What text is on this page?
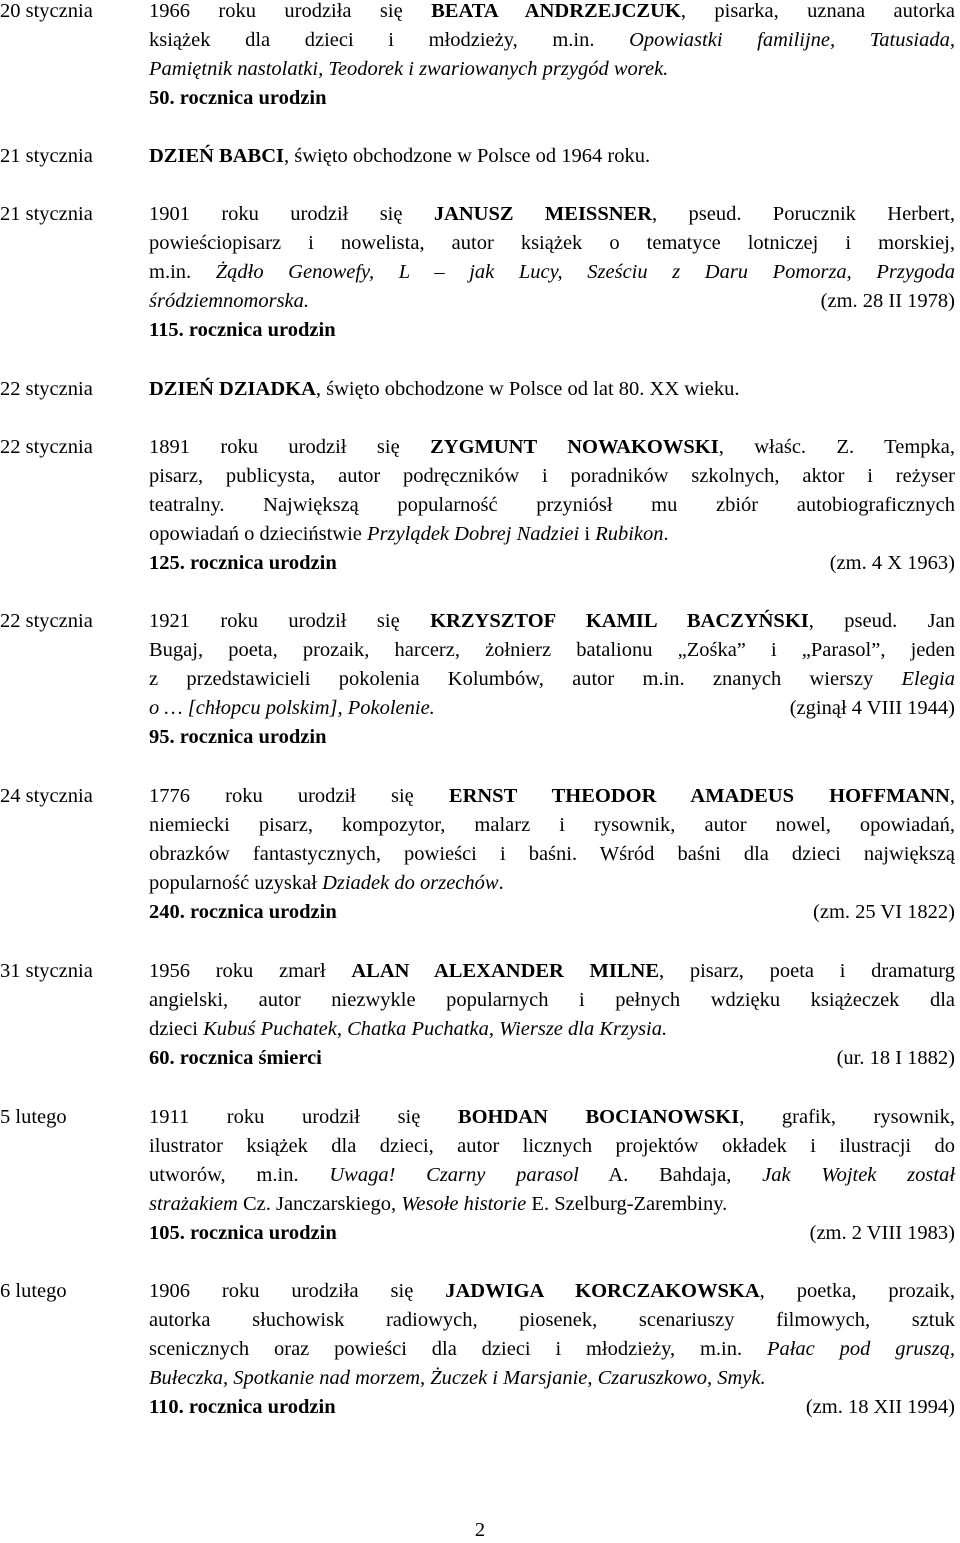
20 stycznia	1966 roku urodziła się BEATA ANDRZEJCZUK, pisarka, uznana autorka
książek dla dzieci i młodzieży, m.in. Opowiastki familijne, Tatusiada,
Pamiętnik nastolatki, Teodorek i zwariowanych przygód worek.
50. rocznica urodzin
21 stycznia	DZIEŃ BABCI, święto obchodzone w Polsce od 1964 roku.
21 stycznia	1901 roku urodził się JANUSZ MEISSNER, pseud. Porucznik Herbert,
powieściopisarz i nowelista, autor książek o tematyce lotniczej i morskiej,
m.in. Żądło Genowefy, L – jak Lucy, Sześciu z Daru Pomorza, Przygoda
śródziemnomorska.	(zm. 28 II 1978)
115. rocznica urodzin
22 stycznia	DZIEŃ DZIADKA, święto obchodzone w Polsce od lat 80. XX wieku.
22 stycznia	1891 roku urodził się ZYGMUNT NOWAKOWSKI, właśc. Z. Tempka,
pisarz, publicysta, autor podręczników i poradników szkolnych, aktor i reżyser
teatralny. Największą popularność przyniósł mu zbiór autobiograficznych
opowiadań o dzieciństwie Przylądek Dobrej Nadziei i Rubikon.
125. rocznica urodzin	(zm. 4 X 1963)
22 stycznia	1921 roku urodził się KRZYSZTOF KAMIL BACZYŃSKI, pseud. Jan
Bugaj, poeta, prozaik, harcerz, żołnierz batalionu „Zośka” i „Parasol”, jeden
z przedstawicieli pokolenia Kolumbów, autor m.in. znanych wierszy Elegia
o … [chłopcu polskim], Pokolenie.	(zginął 4 VIII 1944)
95. rocznica urodzin
24 stycznia	1776 roku urodził się ERNST THEODOR AMADEUS HOFFMANN,
niemiecki pisarz, kompozytor, malarz i rysownik, autor nowel, opowiadań,
obrazków fantastycznych, powieści i baśni. Wśród baśni dla dzieci największą
popularność uzyskał Dziadek do orzechów.
240. rocznica urodzin	(zm. 25 VI 1822)
31 stycznia	1956 roku zmarł ALAN ALEXANDER MILNE, pisarz, poeta i dramaturg
angielski, autor niezwykle popularnych i pełnych wdzięku książeczek dla
dzieci Kubuś Puchatek, Chatka Puchatka, Wiersze dla Krzysia.
60. rocznica śmierci	(ur. 18 I 1882)
5 lutego	1911 roku urodził się BOHDAN BOCIANOWSKI, grafik, rysownik,
ilustrator książek dla dzieci, autor licznych projektów okładek i ilustracji do
utworów, m.in. Uwaga! Czarny parasol A. Bahdaja, Jak Wojtek został
strażakiem Cz. Janczarskiego, Wesołe historie E. Szelburg-Zarembiny.
105. rocznica urodzin	(zm. 2 VIII 1983)
6 lutego	1906 roku urodziła się JADWIGA KORCZAKOWSKA, poetka, prozaik,
autorka słuchowisk radiowych, piosenek, scenariuszy filmowych, sztuk
scenicznych oraz powieści dla dzieci i młodzieży, m.in. Pałac pod gruszą,
Bułeczka, Spotkanie nad morzem, Żuczek i Marsjanie, Czaruszkowo, Smyk.
110. rocznica urodzin	(zm. 18 XII 1994)
2
